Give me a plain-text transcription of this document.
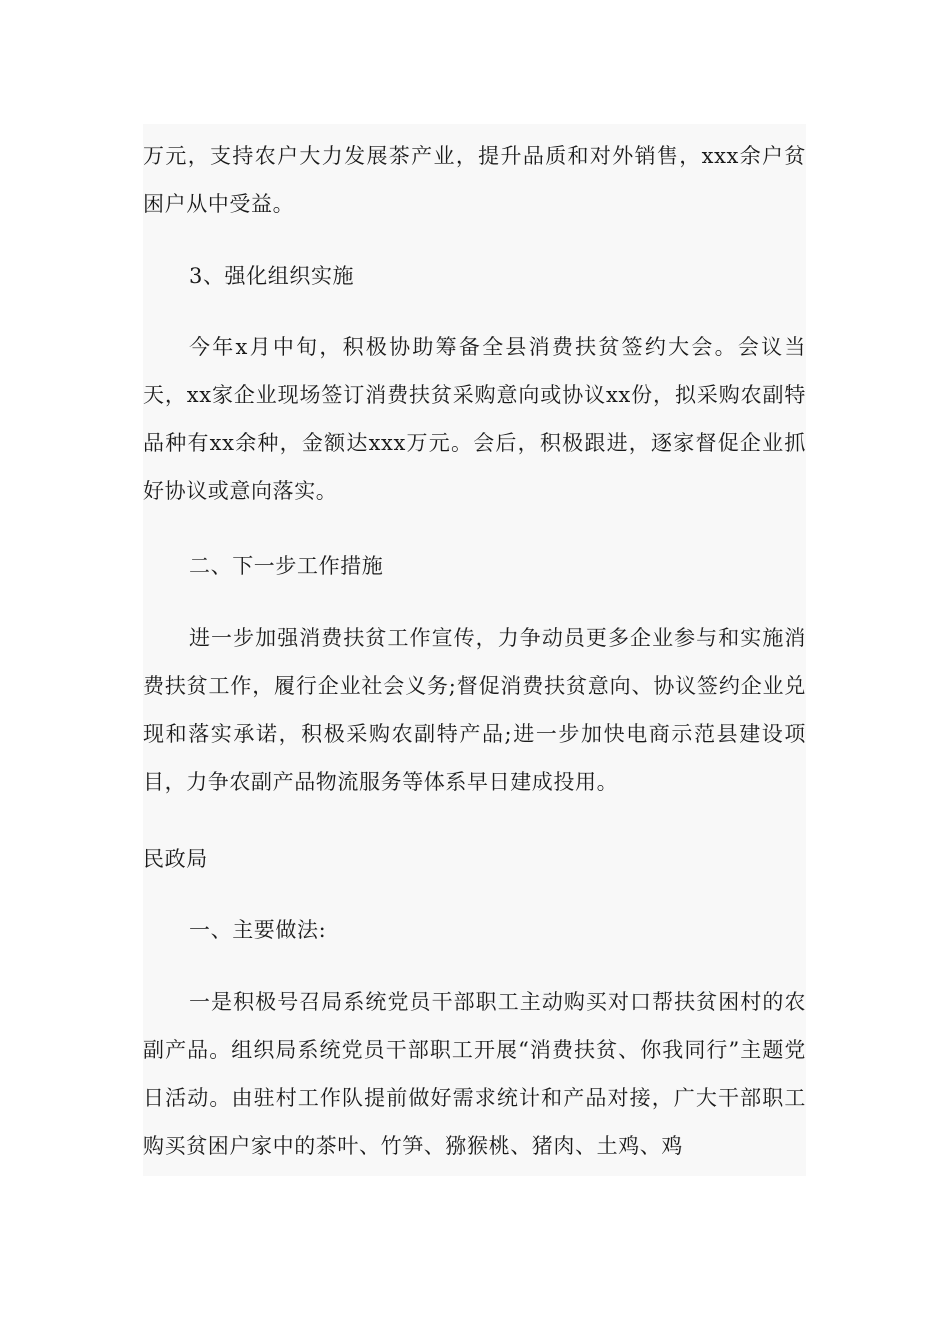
万元，支持农户大力发展茶产业，提升品质和对外销售，xxx余户贫困户从中受益。

3、强化组织实施

今年x月中旬，积极协助筹备全县消费扶贫签约大会。会议当天，xx家企业现场签订消费扶贫采购意向或协议xx份，拟采购农副特品种有xx余种，金额达xxx万元。会后，积极跟进，逐家督促企业抓好协议或意向落实。

二、下一步工作措施

进一步加强消费扶贫工作宣传，力争动员更多企业参与和实施消费扶贫工作，履行企业社会义务;督促消费扶贫意向、协议签约企业兑现和落实承诺，积极采购农副特产品;进一步加快电商示范县建设项目，力争农副产品物流服务等体系早日建成投用。

民政局

一、主要做法:

一是积极号召局系统党员干部职工主动购买对口帮扶贫困村的农副产品。组织局系统党员干部职工开展“消费扶贫、你我同行”主题党日活动。由驻村工作队提前做好需求统计和产品对接，广大干部职工购买贫困户家中的茶叶、竹笋、猕猴桃、猪肉、土鸡、鸡
